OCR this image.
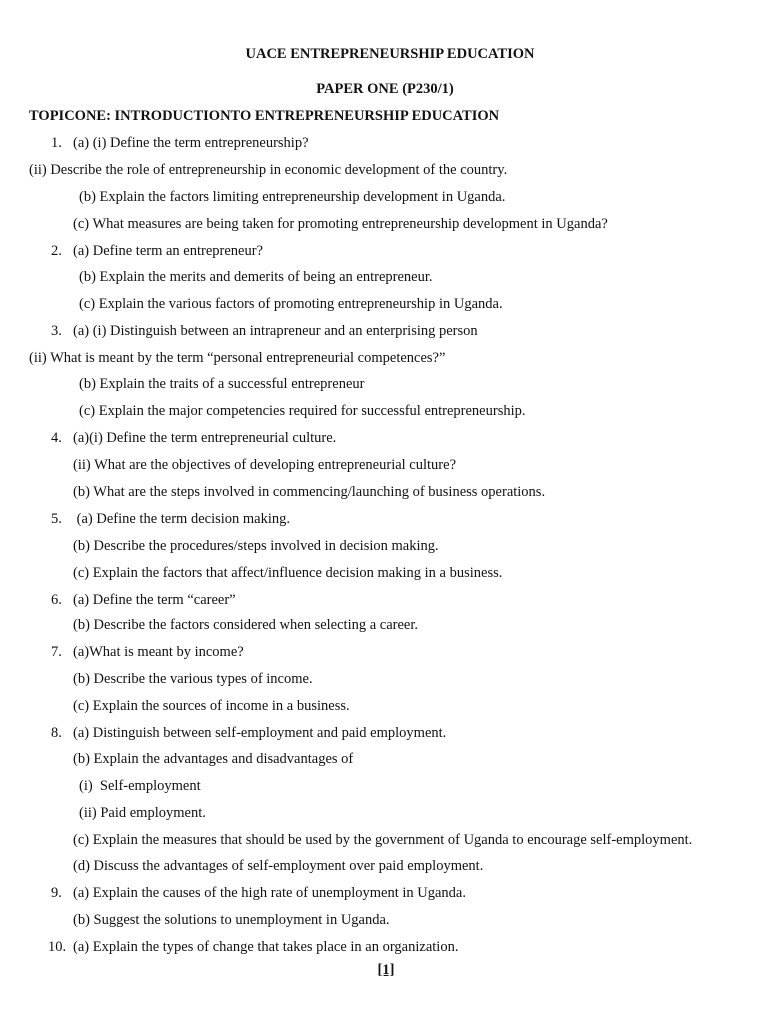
UACE ENTREPRENEURSHIP EDUCATION
PAPER ONE (P230/1)
TOPICONE: INTRODUCTIONTO ENTREPRENEURSHIP EDUCATION
1. (a) (i) Define the term entrepreneurship?
(ii) Describe the role of entrepreneurship in economic development of the country.
(b) Explain the factors limiting entrepreneurship development in Uganda.
(c) What measures are being taken for promoting entrepreneurship development in Uganda?
2. (a) Define term an entrepreneur?
(b) Explain the merits and demerits of being an entrepreneur.
(c) Explain the various factors of promoting entrepreneurship in Uganda.
3. (a) (i) Distinguish between an intrapreneur and an enterprising person
(ii) What is meant by the term “personal entrepreneurial competences?”
(b) Explain the traits of a successful entrepreneur
(c) Explain the major competencies required for successful entrepreneurship.
4. (a)(i) Define the term entrepreneurial culture.
(ii) What are the objectives of developing entrepreneurial culture?
(b) What are the steps involved in commencing/launching of business operations.
5. (a) Define the term decision making.
(b) Describe the procedures/steps involved in decision making.
(c) Explain the factors that affect/influence decision making in a business.
6. (a) Define the term “career”
(b) Describe the factors considered when selecting a career.
7. (a)What is meant by income?
(b) Describe the various types of income.
(c) Explain the sources of income in a business.
8. (a) Distinguish between self-employment and paid employment.
(b) Explain the advantages and disadvantages of
(i)  Self-employment
(ii) Paid employment.
(c) Explain the measures that should be used by the government of Uganda to encourage self-employment.
(d) Discuss the advantages of self-employment over paid employment.
9. (a) Explain the causes of the high rate of unemployment in Uganda.
(b) Suggest the solutions to unemployment in Uganda.
10. (a) Explain the types of change that takes place in an organization.
[1]
